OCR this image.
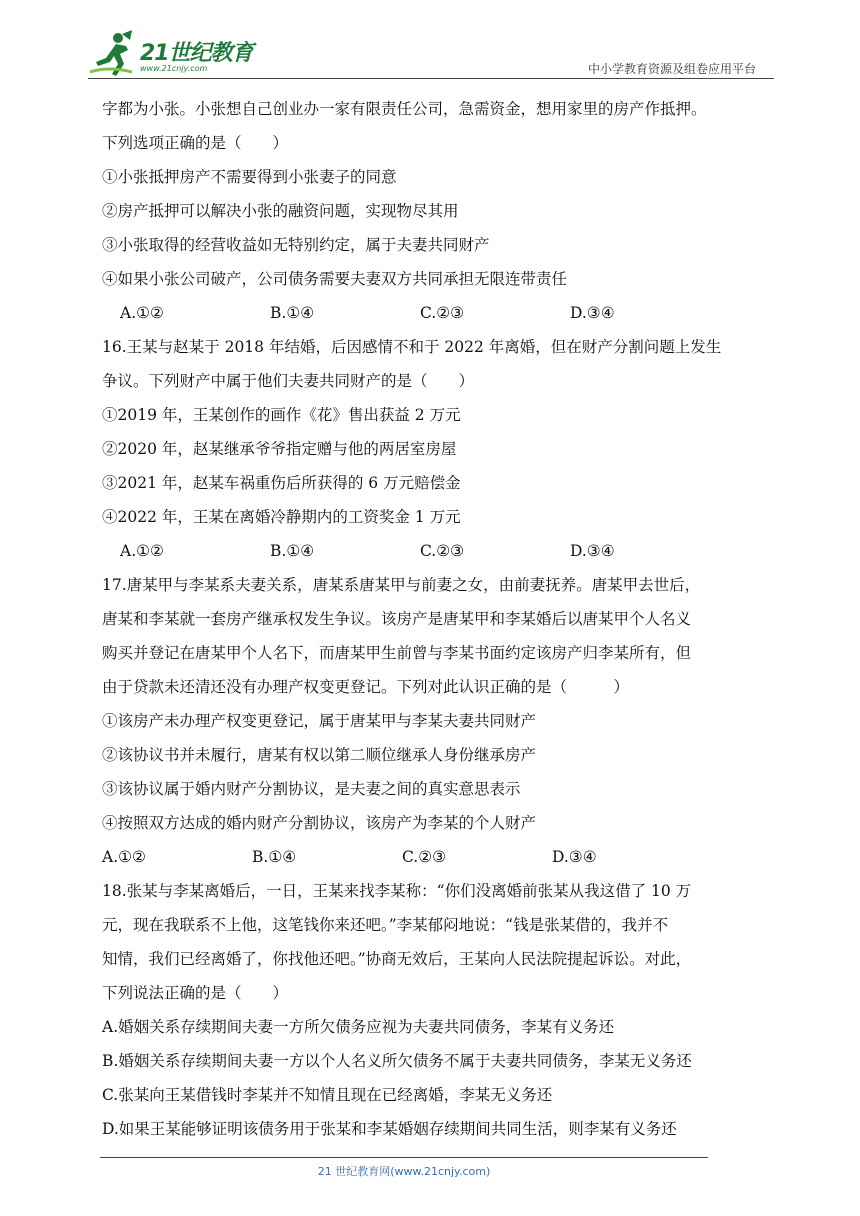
21世纪教育
www.21cnjy.com	中小学教育资源及组卷应用平台
字都为小张。小张想自己创业办一家有限责任公司，急需资金，想用家里的房产作抵押。
下列选项正确的是（　　）
①小张抵押房产不需要得到小张妻子的同意
②房产抵押可以解决小张的融资问题，实现物尽其用
③小张取得的经营收益如无特别约定，属于夫妻共同财产
④如果小张公司破产，公司债务需要夫妻双方共同承担无限连带责任
A.①②	B.①④	C.②③	D.③④
16.王某与赵某于 2018 年结婚，后因感情不和于 2022 年离婚，但在财产分割问题上发生
争议。下列财产中属于他们夫妻共同财产的是（　　）
①2019 年，王某创作的画作《花》售出获益 2 万元
②2020 年，赵某继承爷爷指定赠与他的两居室房屋
③2021 年，赵某车祸重伤后所获得的 6 万元赔偿金
④2022 年，王某在离婚冷静期内的工资奖金 1 万元
A.①②	B.①④	C.②③	D.③④
17.唐某甲与李某系夫妻关系，唐某系唐某甲与前妻之女，由前妻抚养。唐某甲去世后，
唐某和李某就一套房产继承权发生争议。该房产是唐某甲和李某婚后以唐某甲个人名义
购买并登记在唐某甲个人名下，而唐某甲生前曾与李某书面约定该房产归李某所有，但
由于贷款未还清还没有办理产权变更登记。下列对此认识正确的是（　　　）
①该房产未办理产权变更登记，属于唐某甲与李某夫妻共同财产
②该协议书并未履行，唐某有权以第二顺位继承人身份继承房产
③该协议属于婚内财产分割协议，是夫妻之间的真实意思表示
④按照双方达成的婚内财产分割协议，该房产为李某的个人财产
A.①②	B.①④	C.②③	D.③④
18.张某与李某离婚后，一日，王某来找李某称：“你们没离婚前张某从我这借了 10 万
元，现在我联系不上他，这笔钱你来还吧。”李某郁闷地说：“钱是张某借的，我并不
知情，我们已经离婚了，你找他还吧。”协商无效后，王某向人民法院提起诉讼。对此，
下列说法正确的是（　　）
A.婚姻关系存续期间夫妻一方所欠债务应视为夫妻共同债务，李某有义务还
B.婚姻关系存续期间夫妻一方以个人名义所欠债务不属于夫妻共同债务，李某无义务还
C.张某向王某借钱时李某并不知情且现在已经离婚，李某无义务还
D.如果王某能够证明该债务用于张某和李某婚姻存续期间共同生活，则李某有义务还
21 世纪教育网(www.21cnjy.com)
